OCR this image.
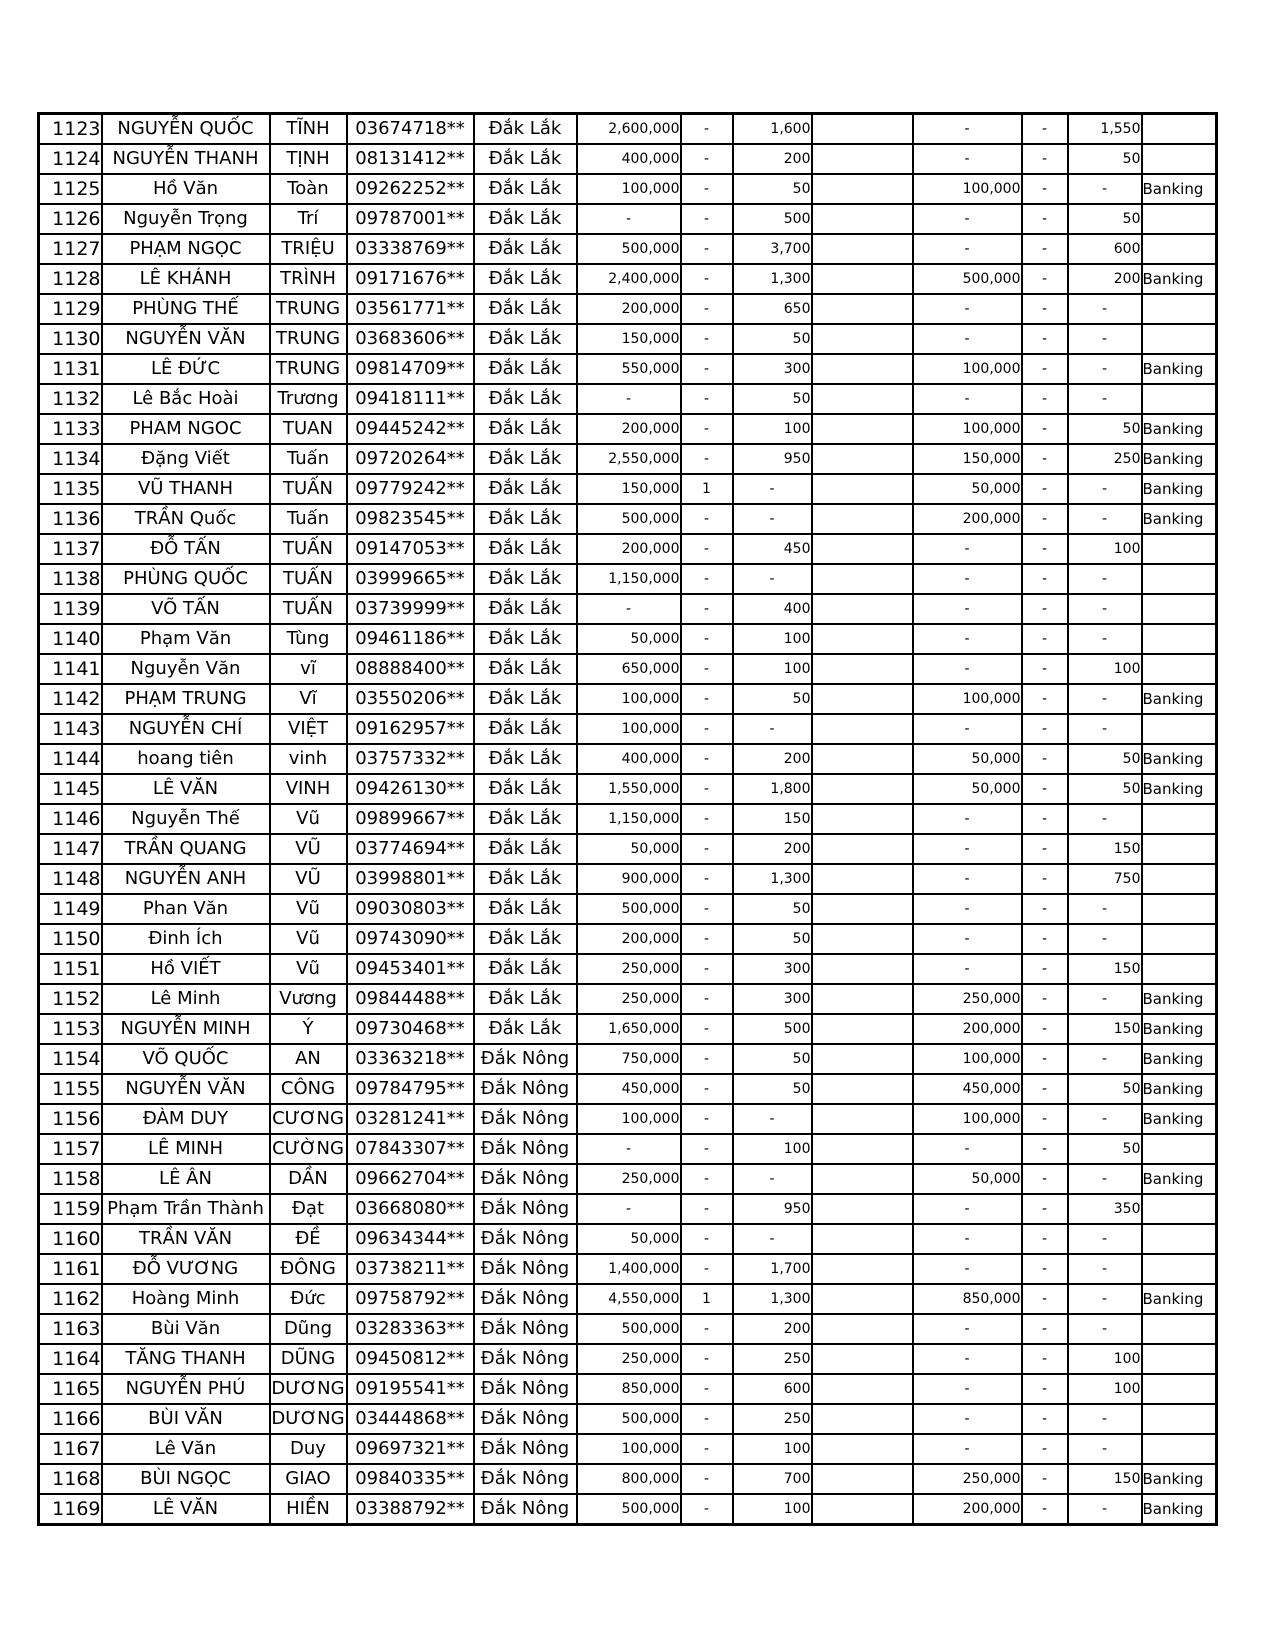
1123	NGUYỄN QUỐC	TĨNH	03674718**	Đắk Lắk	2,600,000	-	1,600		-	-	1,550	
1124	NGUYỄN THANH	TỊNH	08131412**	Đắk Lắk	400,000	-	200		-	-	50	
1125	Hồ Văn	Toàn	09262252**	Đắk Lắk	100,000	-	50		100,000	-	-	Banking
1126	Nguyễn Trọng	Trí	09787001**	Đắk Lắk	-	-	500		-	-	50	
1127	PHẠM NGỌC	TRIỆU	03338769**	Đắk Lắk	500,000	-	3,700		-	-	600	
1128	LÊ KHÁNH	TRÌNH	09171676**	Đắk Lắk	2,400,000	-	1,300		500,000	-	200	Banking
1129	PHÙNG THẾ	TRUNG	03561771**	Đắk Lắk	200,000	-	650		-	-	-	
1130	NGUYỄN VĂN	TRUNG	03683606**	Đắk Lắk	150,000	-	50		-	-	-	
1131	LÊ ĐỨC	TRUNG	09814709**	Đắk Lắk	550,000	-	300		100,000	-	-	Banking
1132	Lê Bắc Hoài	Trương	09418111**	Đắk Lắk	-	-	50		-	-	-	
1133	PHAM NGOC	TUAN	09445242**	Đắk Lắk	200,000	-	100		100,000	-	50	Banking
1134	Đặng Viết	Tuấn	09720264**	Đắk Lắk	2,550,000	-	950		150,000	-	250	Banking
1135	VŨ THANH	TUẤN	09779242**	Đắk Lắk	150,000	1	-		50,000	-	-	Banking
1136	TRẦN Quốc	Tuấn	09823545**	Đắk Lắk	500,000	-	-		200,000	-	-	Banking
1137	ĐỖ TẤN	TUẤN	09147053**	Đắk Lắk	200,000	-	450		-	-	100	
1138	PHÙNG QUỐC	TUẤN	03999665**	Đắk Lắk	1,150,000	-	-		-	-	-	
1139	VÕ TẤN	TUẤN	03739999**	Đắk Lắk	-	-	400		-	-	-	
1140	Phạm Văn	Tùng	09461186**	Đắk Lắk	50,000	-	100		-	-	-	
1141	Nguyễn Văn	vĩ	08888400**	Đắk Lắk	650,000	-	100		-	-	100	
1142	PHẠM TRUNG	Vĩ	03550206**	Đắk Lắk	100,000	-	50		100,000	-	-	Banking
1143	NGUYỄN CHÍ	VIỆT	09162957**	Đắk Lắk	100,000	-	-		-	-	-	
1144	hoang tiên	vinh	03757332**	Đắk Lắk	400,000	-	200		50,000	-	50	Banking
1145	LÊ VĂN	VINH	09426130**	Đắk Lắk	1,550,000	-	1,800		50,000	-	50	Banking
1146	Nguyễn Thế	Vũ	09899667**	Đắk Lắk	1,150,000	-	150		-	-	-	
1147	TRẦN QUANG	VŨ	03774694**	Đắk Lắk	50,000	-	200		-	-	150	
1148	NGUYỄN ANH	VŨ	03998801**	Đắk Lắk	900,000	-	1,300		-	-	750	
1149	Phan Văn	Vũ	09030803**	Đắk Lắk	500,000	-	50		-	-	-	
1150	Đinh Ích	Vũ	09743090**	Đắk Lắk	200,000	-	50		-	-	-	
1151	Hồ VIẾT	Vũ	09453401**	Đắk Lắk	250,000	-	300		-	-	150	
1152	Lê Minh	Vương	09844488**	Đắk Lắk	250,000	-	300		250,000	-	-	Banking
1153	NGUYỄN MINH	Ý	09730468**	Đắk Lắk	1,650,000	-	500		200,000	-	150	Banking
1154	VÕ QUỐC	AN	03363218**	Đắk Nông	750,000	-	50		100,000	-	-	Banking
1155	NGUYỄN VĂN	CÔNG	09784795**	Đắk Nông	450,000	-	50		450,000	-	50	Banking
1156	ĐÀM DUY	CƯƠNG	03281241**	Đắk Nông	100,000	-	-		100,000	-	-	Banking
1157	LÊ MINH	CƯỜNG	07843307**	Đắk Nông	-	-	100		-	-	50	
1158	LÊ ÂN	DẦN	09662704**	Đắk Nông	250,000	-	-		50,000	-	-	Banking
1159	Phạm Trần Thành	Đạt	03668080**	Đắk Nông	-	-	950		-	-	350	
1160	TRẦN VĂN	ĐỀ	09634344**	Đắk Nông	50,000	-	-		-	-	-	
1161	ĐỖ VƯƠNG	ĐÔNG	03738211**	Đắk Nông	1,400,000	-	1,700		-	-	-	
1162	Hoàng Minh	Đức	09758792**	Đắk Nông	4,550,000	1	1,300		850,000	-	-	Banking
1163	Bùi Văn	Dũng	03283363**	Đắk Nông	500,000	-	200		-	-	-	
1164	TĂNG THANH	DŨNG	09450812**	Đắk Nông	250,000	-	250		-	-	100	
1165	NGUYỄN PHÚ	DƯƠNG	09195541**	Đắk Nông	850,000	-	600		-	-	100	
1166	BÙI VĂN	DƯƠNG	03444868**	Đắk Nông	500,000	-	250		-	-	-	
1167	Lê Văn	Duy	09697321**	Đắk Nông	100,000	-	100		-	-	-	
1168	BÙI NGỌC	GIAO	09840335**	Đắk Nông	800,000	-	700		250,000	-	150	Banking
1169	LÊ VĂN	HIỀN	03388792**	Đắk Nông	500,000	-	100		200,000	-	-	Banking
